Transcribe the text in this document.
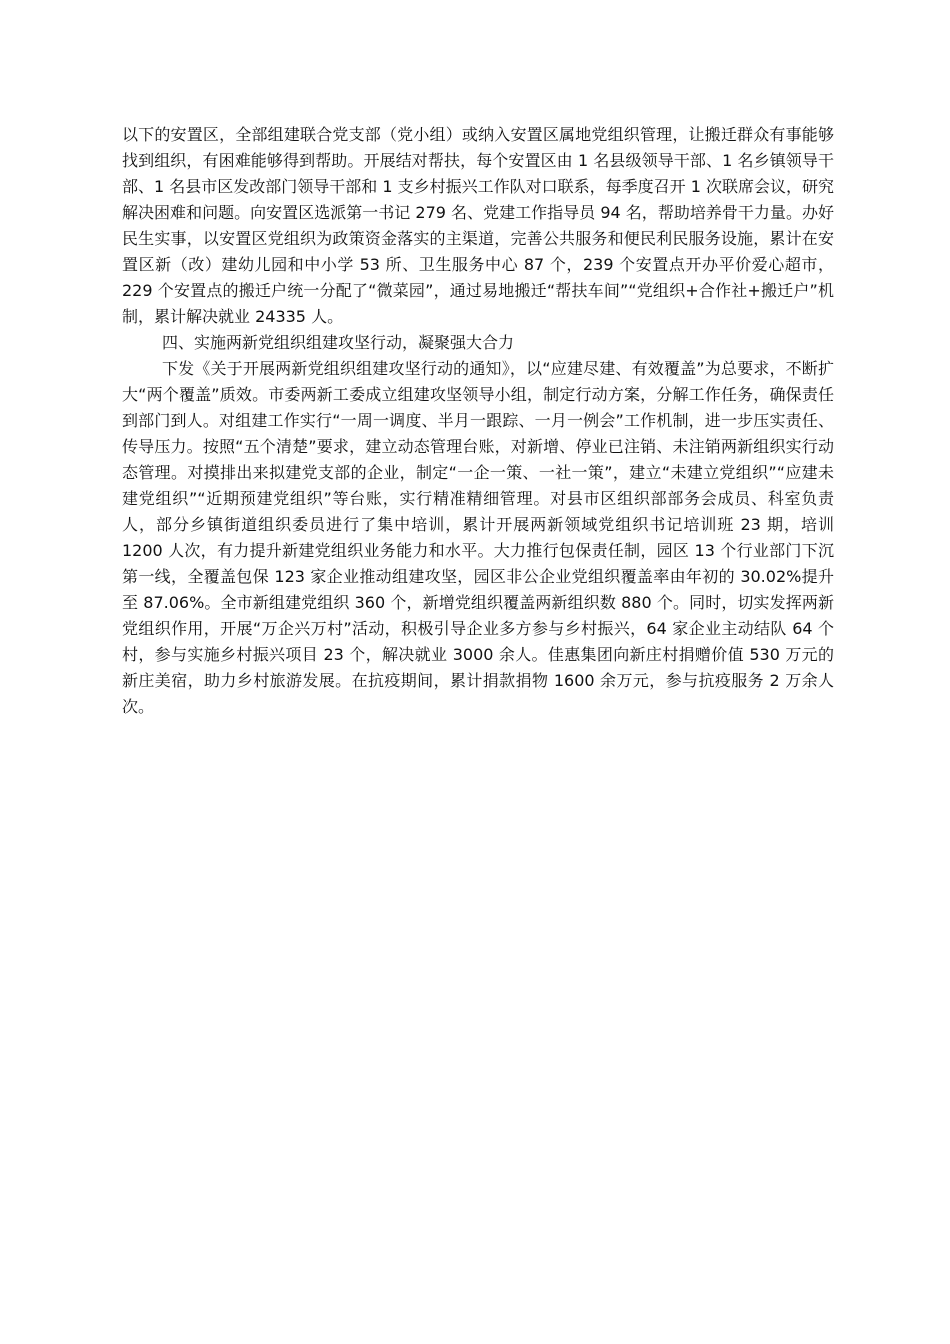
以下的安置区，全部组建联合党支部（党小组）或纳入安置区属地党组织管理，让搬迁群众有事能够找到组织，有困难能够得到帮助。开展结对帮扶，每个安置区由 1 名县级领导干部、1 名乡镇领导干部、1 名县市区发改部门领导干部和 1 支乡村振兴工作队对口联系，每季度召开 1 次联席会议，研究解决困难和问题。向安置区选派第一书记 279 名、党建工作指导员 94 名，帮助培养骨干力量。办好民生实事，以安置区党组织为政策资金落实的主渠道，完善公共服务和便民利民服务设施，累计在安置区新（改）建幼儿园和中小学 53 所、卫生服务中心 87 个，239 个安置点开办平价爱心超市，229 个安置点的搬迁户统一分配了“微菜园”，通过易地搬迁“帮扶车间”“党组织+合作社+搬迁户”机制，累计解决就业 24335 人。

四、实施两新党组织组建攻坚行动，凝聚强大合力

下发《关于开展两新党组织组建攻坚行动的通知》，以“应建尽建、有效覆盖”为总要求，不断扩大“两个覆盖”质效。市委两新工委成立组建攻坚领导小组，制定行动方案，分解工作任务，确保责任到部门到人。对组建工作实行“一周一调度、半月一跟踪、一月一例会”工作机制，进一步压实责任、传导压力。按照“五个清楚”要求，建立动态管理台账，对新增、停业已注销、未注销两新组织实行动态管理。对摸排出来拟建党支部的企业，制定“一企一策、一社一策”，建立“未建立党组织”“应建未建党组织”“近期预建党组织”等台账，实行精准精细管理。对县市区组织部部务会成员、科室负责人，部分乡镇街道组织委员进行了集中培训，累计开展两新领域党组织书记培训班 23 期，培训 1200 人次，有力提升新建党组织业务能力和水平。大力推行包保责任制，园区 13 个行业部门下沉第一线，全覆盖包保 123 家企业推动组建攻坚，园区非公企业党组织覆盖率由年初的 30.02%提升至 87.06%。全市新组建党组织 360 个，新增党组织覆盖两新组织数 880 个。同时，切实发挥两新党组织作用，开展“万企兴万村”活动，积极引导企业多方参与乡村振兴，64 家企业主动结队 64 个村，参与实施乡村振兴项目 23 个，解决就业 3000 余人。佳惠集团向新庄村捐赠价值 530 万元的新庄美宿，助力乡村旅游发展。在抗疫期间，累计捐款捐物 1600 余万元，参与抗疫服务 2 万余人次。
